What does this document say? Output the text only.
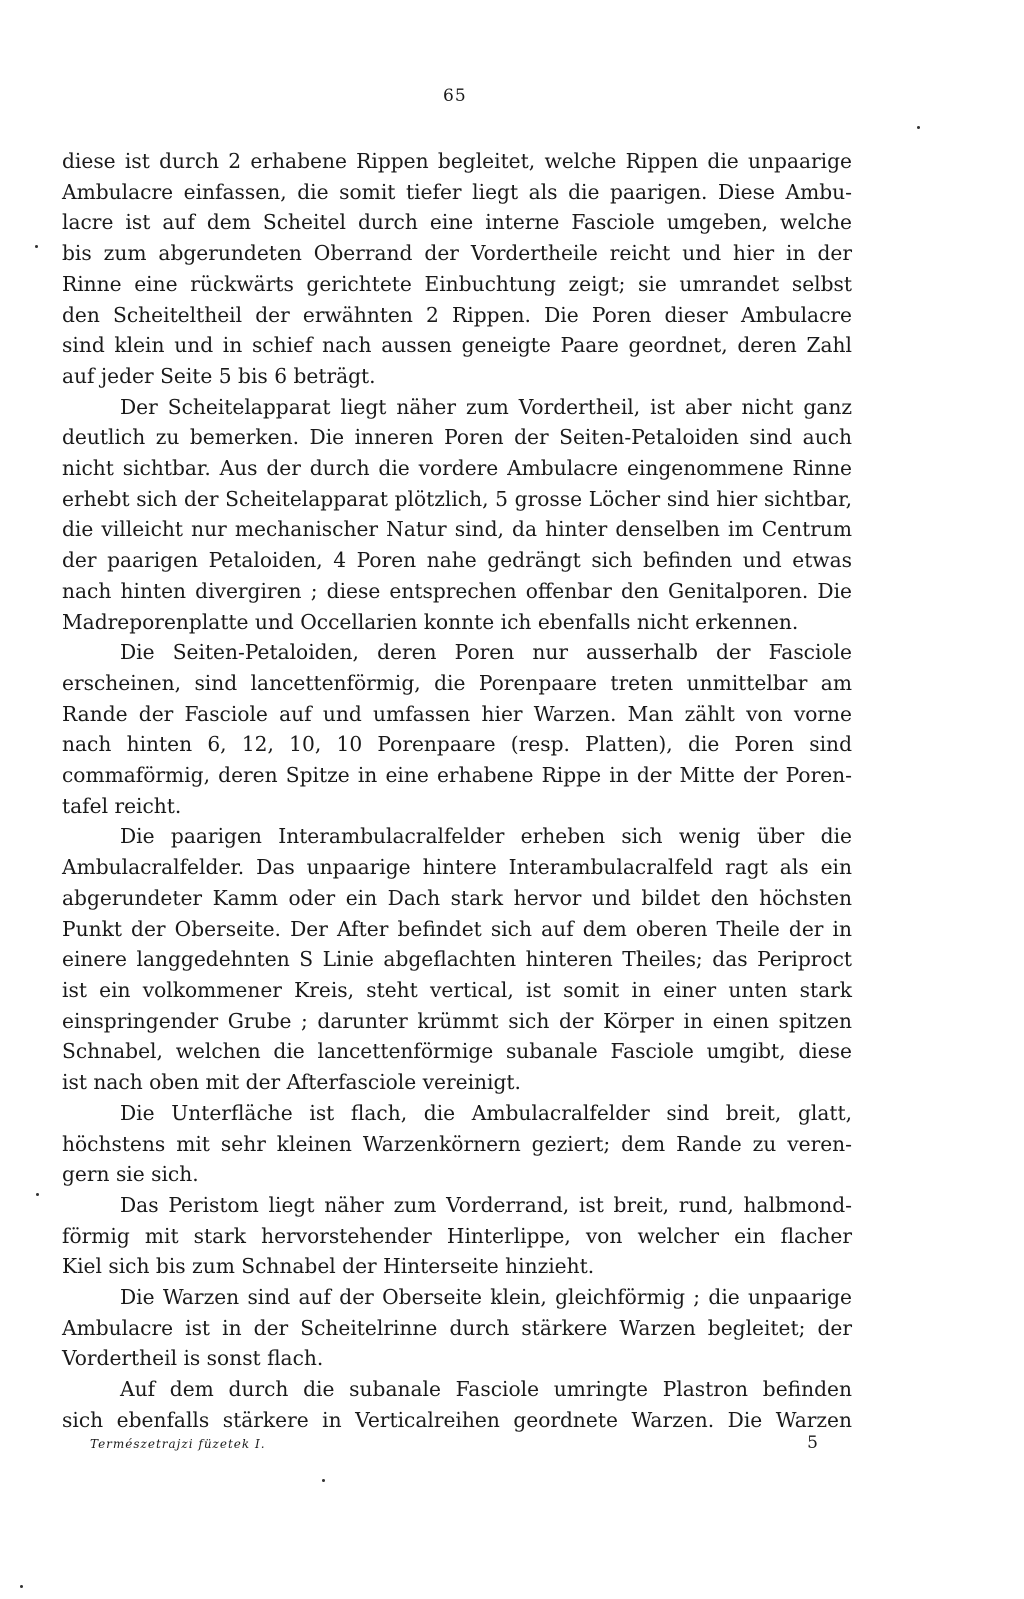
65

diese ist durch 2 erhabene Rippen begleitet, welche Rippen die unpaarige
Ambulacre einfassen, die somit tiefer liegt als die paarigen. Diese Ambu-
lacre ist auf dem Scheitel durch eine interne Fasciole umgeben, welche
bis zum abgerundeten Oberrand der Vordertheile reicht und hier in der
Rinne eine rückwärts gerichtete Einbuchtung zeigt; sie umrandet selbst
den Scheiteltheil der erwähnten 2 Rippen. Die Poren dieser Ambulacre
sind klein und in schief nach aussen geneigte Paare geordnet, deren Zahl
auf jeder Seite 5 bis 6 beträgt.

Der Scheitelapparat liegt näher zum Vordertheil, ist aber nicht ganz
deutlich zu bemerken. Die inneren Poren der Seiten-Petaloiden sind auch
nicht sichtbar. Aus der durch die vordere Ambulacre eingenommene Rinne
erhebt sich der Scheitelapparat plötzlich, 5 grosse Löcher sind hier sichtbar,
die villeicht nur mechanischer Natur sind, da hinter denselben im Centrum
der paarigen Petaloiden, 4 Poren nahe gedrängt sich befinden und etwas
nach hinten divergiren ; diese entsprechen offenbar den Genitalporen. Die
Madreporenplatte und Occellarien konnte ich ebenfalls nicht erkennen.

Die Seiten-Petaloiden, deren Poren nur ausserhalb der Fasciole
erscheinen, sind lancettenförmig, die Porenpaare treten unmittelbar am
Rande der Fasciole auf und umfassen hier Warzen. Man zählt von vorne
nach hinten 6, 12, 10, 10 Porenpaare (resp. Platten), die Poren sind
commaförmig, deren Spitze in eine erhabene Rippe in der Mitte der Poren-
tafel reicht.

Die paarigen Interambulacralfelder erheben sich wenig über die
Ambulacralfelder. Das unpaarige hintere Interambulacralfeld ragt als ein
abgerundeter Kamm oder ein Dach stark hervor und bildet den höchsten
Punkt der Oberseite. Der After befindet sich auf dem oberen Theile der in
einere langgedehnten S Linie abgeflachten hinteren Theiles; das Periproct
ist ein volkommener Kreis, steht vertical, ist somit in einer unten stark
einspringender Grube ; darunter krümmt sich der Körper in einen spitzen
Schnabel, welchen die lancettenförmige subanale Fasciole umgibt, diese
ist nach oben mit der Afterfasciole vereinigt.

Die Unterfläche ist flach, die Ambulacralfelder sind breit, glatt,
höchstens mit sehr kleinen Warzenkörnern geziert; dem Rande zu veren-
gern sie sich.

Das Peristom liegt näher zum Vorderrand, ist breit, rund, halbmond-
förmig mit stark hervorstehender Hinterlippe, von welcher ein flacher
Kiel sich bis zum Schnabel der Hinterseite hinzieht.

Die Warzen sind auf der Oberseite klein, gleichförmig ; die unpaarige
Ambulacre ist in der Scheitelrinne durch stärkere Warzen begleitet; der
Vordertheil is sonst flach.

Auf dem durch die subanale Fasciole umringte Plastron befinden
sich ebenfalls stärkere in Verticalreihen geordnete Warzen. Die Warzen

Természetrajzi füzetek I.	5
